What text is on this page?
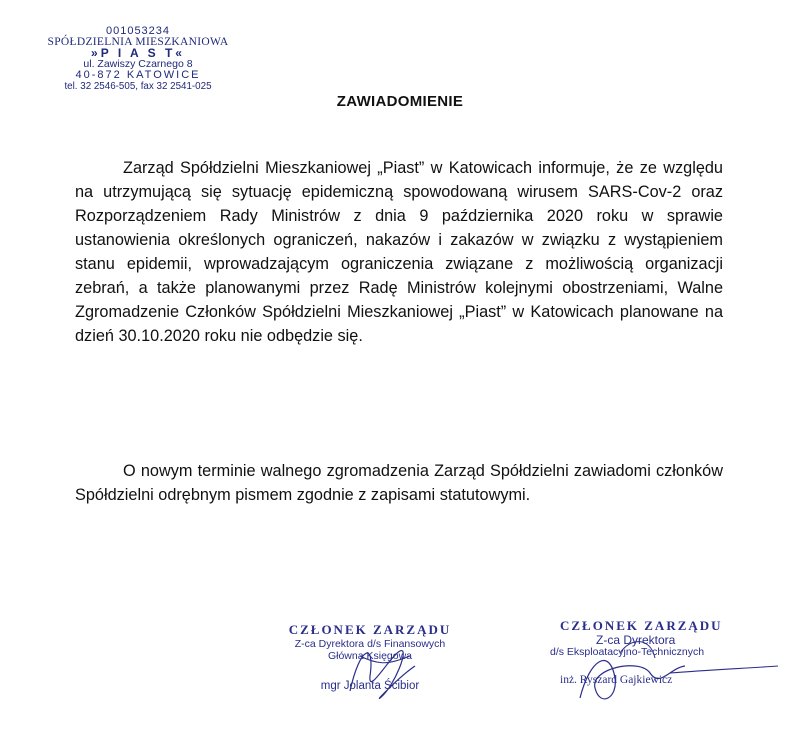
001053234
SPÓŁDZIELNIA MIESZKANIOWA
»P I A S T«
ul. Zawiszy Czarnego 8
40-872 KATOWICE
tel. 32 2546-505, fax 32 2541-025
ZAWIADOMIENIE

Zarząd Spółdzielni Mieszkaniowej „Piast” w Katowicach informuje, że ze względu na utrzymującą się sytuację epidemiczną spowodowaną wirusem SARS-Cov-2 oraz Rozporządzeniem Rady Ministrów z dnia 9 października 2020 roku w sprawie ustanowienia określonych ograniczeń, nakazów i zakazów w związku z wystąpieniem stanu epidemii, wprowadzającym ograniczenia związane z możliwością organizacji zebrań, a także planowanymi przez Radę Ministrów kolejnymi obostrzeniami, Walne Zgromadzenie Członków Spółdzielni Mieszkaniowej „Piast” w Katowicach planowane na dzień 30.10.2020 roku nie odbędzie się.

O nowym terminie walnego zgromadzenia Zarząd Spółdzielni zawiadomi członków Spółdzielni odrębnym pismem zgodnie z zapisami statutowymi.

CZŁONEK ZARZĄDU
Z-ca Dyrektora d/s Finansowych
Główna Księgowa
mgr Jolanta Ścibior
CZŁONEK ZARZĄDU
Z-ca Dyrektora
d/s Eksploatacyjno-Technicznych
inż. Ryszard Gajkiewicz
